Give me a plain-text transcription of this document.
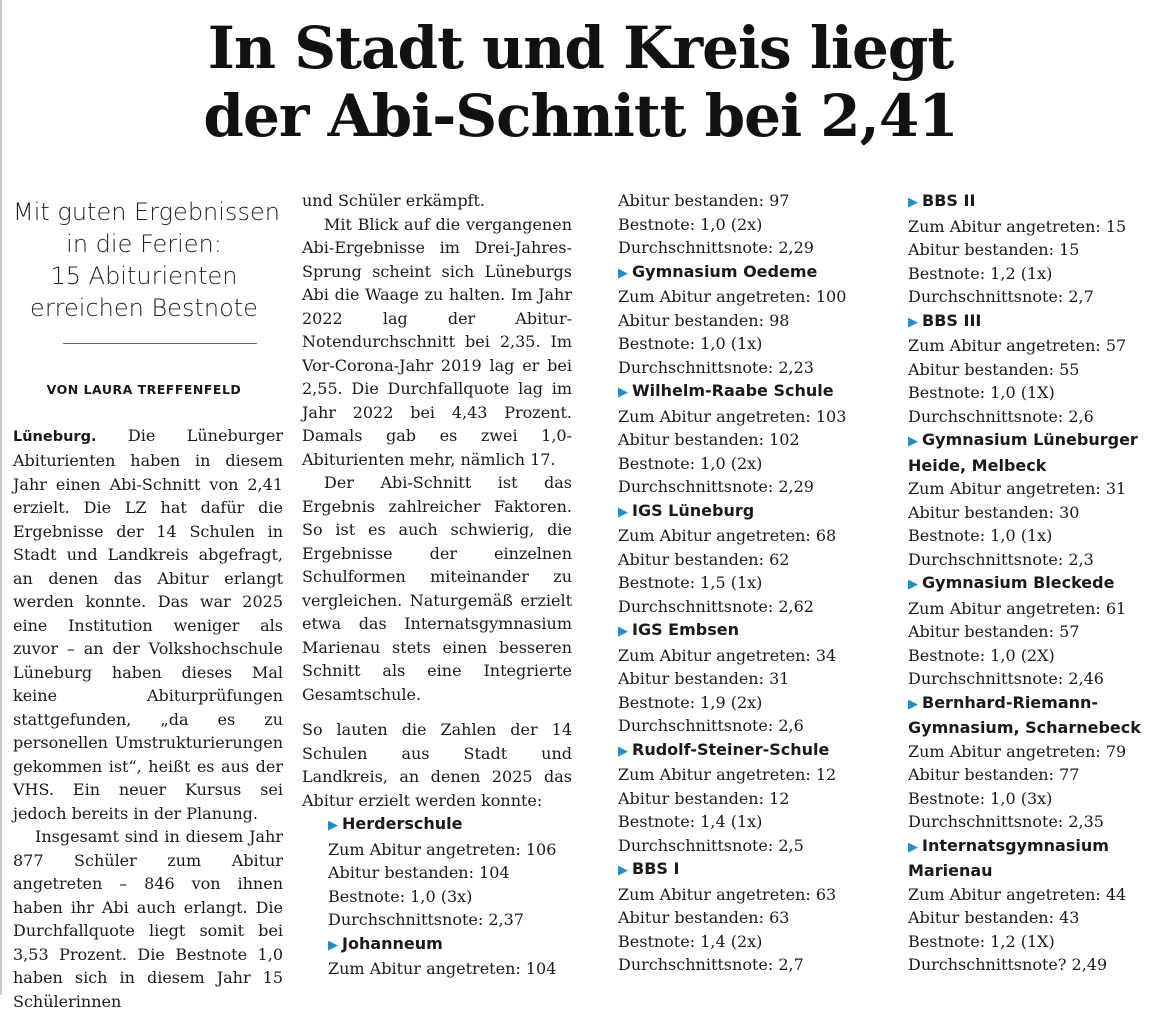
In Stadt und Kreis liegt
der Abi-Schnitt bei 2,41
Mit guten Ergebnissen
in die Ferien:
15 Abiturienten
erreichen Bestnote
VON LAURA TREFFENFELD

Lüneburg. Die Lüneburger Abiturienten haben in diesem Jahr einen Abi-Schnitt von 2,41 erzielt. Die LZ hat dafür die Ergebnisse der 14 Schulen in Stadt und Landkreis abgefragt, an denen das Abitur erlangt werden konnte. Das war 2025 eine Institution weniger als zuvor – an der Volkshochschule Lüneburg haben dieses Mal keine Abiturprüfungen stattgefunden, „da es zu personellen Umstrukturierungen gekommen ist“, heißt es aus der VHS. Ein neuer Kursus sei jedoch bereits in der Planung.

Insgesamt sind in diesem Jahr 877 Schüler zum Abitur angetreten – 846 von ihnen haben ihr Abi auch erlangt. Die Durchfallquote liegt somit bei 3,53 Prozent. Die Bestnote 1,0 haben sich in diesem Jahr 15 Schülerinnen

und Schüler erkämpft.

Mit Blick auf die vergangenen Abi-Ergebnisse im Drei-Jahres-Sprung scheint sich Lüneburgs Abi die Waage zu halten. Im Jahr 2022 lag der Abitur-Notendurchschnitt bei 2,35. Im Vor-Corona-Jahr 2019 lag er bei 2,55. Die Durchfallquote lag im Jahr 2022 bei 4,43 Prozent. Damals gab es zwei 1,0-Abiturienten mehr, nämlich 17.

Der Abi-Schnitt ist das Ergebnis zahlreicher Faktoren. So ist es auch schwierig, die Ergebnisse der einzelnen Schulformen miteinander zu vergleichen. Naturgemäß erzielt etwa das Internatsgymnasium Marienau stets einen besseren Schnitt als eine Integrierte Gesamtschule.

So lauten die Zahlen der 14 Schulen aus Stadt und Landkreis, an denen 2025 das Abitur erzielt werden konnte:

▶ Herderschule
Zum Abitur angetreten: 106
Abitur bestanden: 104
Bestnote: 1,0 (3x)
Durchschnittsnote: 2,37
▶ Johanneum
Zum Abitur angetreten: 104
Abitur bestanden: 97
Bestnote: 1,0 (2x)
Durchschnittsnote: 2,29
▶ Gymnasium Oedeme
Zum Abitur angetreten: 100
Abitur bestanden: 98
Bestnote: 1,0 (1x)
Durchschnittsnote: 2,23
▶ Wilhelm-Raabe Schule
Zum Abitur angetreten: 103
Abitur bestanden: 102
Bestnote: 1,0 (2x)
Durchschnittsnote: 2,29
▶ IGS Lüneburg
Zum Abitur angetreten: 68
Abitur bestanden: 62
Bestnote: 1,5 (1x)
Durchschnittsnote: 2,62
▶ IGS Embsen
Zum Abitur angetreten: 34
Abitur bestanden: 31
Bestnote: 1,9 (2x)
Durchschnittsnote: 2,6
▶ Rudolf-Steiner-Schule
Zum Abitur angetreten: 12
Abitur bestanden: 12
Bestnote: 1,4 (1x)
Durchschnittsnote: 2,5
▶ BBS I
Zum Abitur angetreten: 63
Abitur bestanden: 63
Bestnote: 1,4 (2x)
Durchschnittsnote: 2,7
▶ BBS II
Zum Abitur angetreten: 15
Abitur bestanden: 15
Bestnote: 1,2 (1x)
Durchschnittsnote: 2,7
▶ BBS III
Zum Abitur angetreten: 57
Abitur bestanden: 55
Bestnote: 1,0 (1X)
Durchschnittsnote: 2,6
▶ Gymnasium Lüneburger
Heide, Melbeck
Zum Abitur angetreten: 31
Abitur bestanden: 30
Bestnote: 1,0 (1x)
Durchschnittsnote: 2,3
▶ Gymnasium Bleckede
Zum Abitur angetreten: 61
Abitur bestanden: 57
Bestnote: 1,0 (2X)
Durchschnittsnote: 2,46
▶ Bernhard-Riemann-
Gymnasium, Scharnebeck
Zum Abitur angetreten: 79
Abitur bestanden: 77
Bestnote: 1,0 (3x)
Durchschnittsnote: 2,35
▶ Internatsgymnasium
Marienau
Zum Abitur angetreten: 44
Abitur bestanden: 43
Bestnote: 1,2 (1X)
Durchschnittsnote? 2,49
